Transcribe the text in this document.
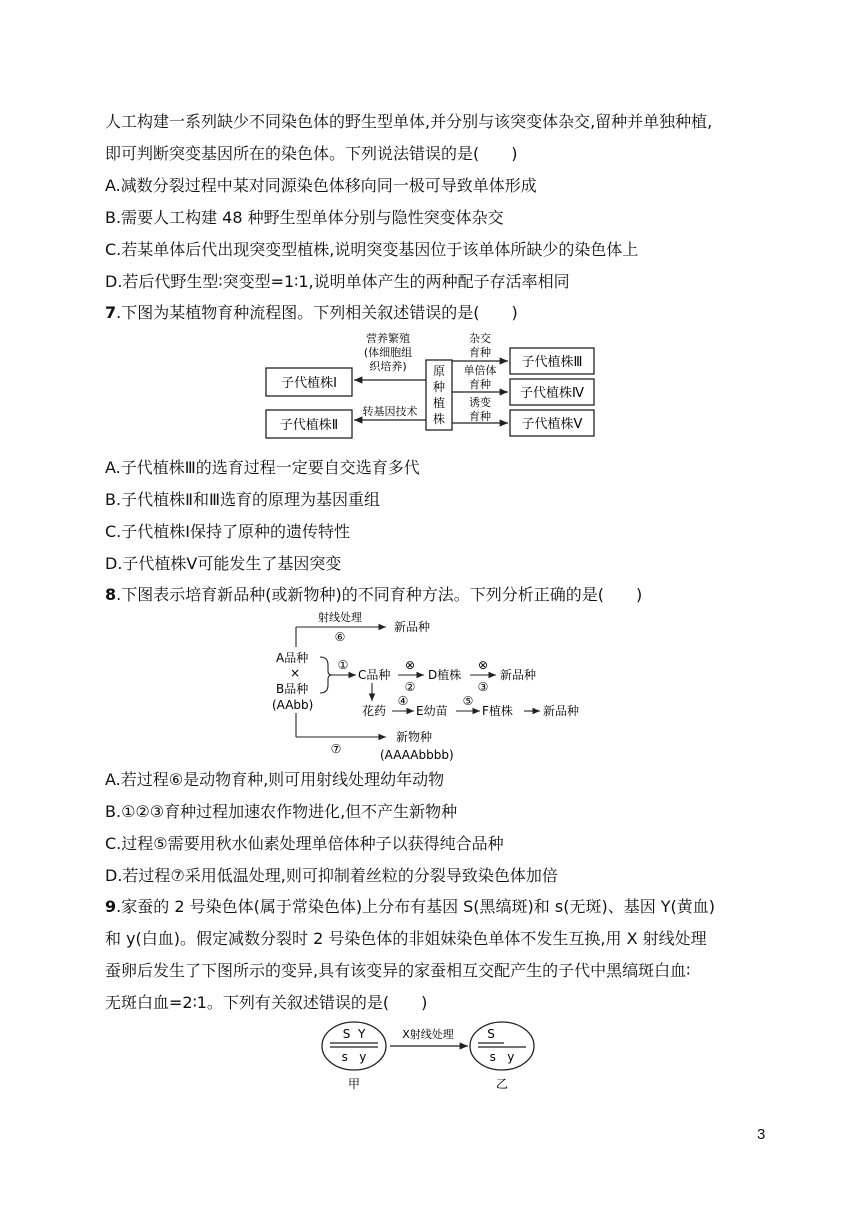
人工构建一系列缺少不同染色体的野生型单体,并分别与该突变体杂交,留种并单独种植,
即可判断突变基因所在的染色体。下列说法错误的是(　　)
A.减数分裂过程中某对同源染色体移向同一极可导致单体形成
B.需要人工构建 48 种野生型单体分别与隐性突变体杂交
C.若某单体后代出现突变型植株,说明突变基因位于该单体所缺少的染色体上
D.若后代野生型∶突变型=1∶1,说明单体产生的两种配子存活率相同
7.下图为某植物育种流程图。下列相关叙述错误的是(　　)
原
种
植
株
子代植株Ⅰ
子代植株Ⅱ
子代植株Ⅲ
子代植株Ⅳ
子代植株Ⅴ
营养繁殖
(体细胞组
织培养)
转基因技术
杂交
育种
单倍体
育种
诱变
育种
A.子代植株Ⅲ的选育过程一定要自交选育多代
B.子代植株Ⅱ和Ⅲ选育的原理为基因重组
C.子代植株Ⅰ保持了原种的遗传特性
D.子代植株Ⅴ可能发生了基因突变
8.下图表示培育新品种(或新物种)的不同育种方法。下列分析正确的是(　　)
射线处理
⑥
新品种
A品种
×
B品种
(AAbb)
①
C品种
⊗
②
D植株
⊗
③
新品种
花药
④
E幼苗
⑤
F植株	新品种
⑦
新物种
(AAAAbbbb)
A.若过程⑥是动物育种,则可用射线处理幼年动物
B.①②③育种过程加速农作物进化,但不产生新物种
C.过程⑤需要用秋水仙素处理单倍体种子以获得纯合品种
D.若过程⑦采用低温处理,则可抑制着丝粒的分裂导致染色体加倍
9.家蚕的 2 号染色体(属于常染色体)上分布有基因 S(黑缟斑)和 s(无斑)、基因 Y(黄血)
和 y(白血)。假定减数分裂时 2 号染色体的非姐妹染色单体不发生互换,用 X 射线处理
蚕卵后发生了下图所示的变异,具有该变异的家蚕相互交配产生的子代中黑缟斑白血∶
无斑白血=2∶1。下列有关叙述错误的是(　　)
S  Y
s   y
甲
X射线处理	S
s   y
乙
3
